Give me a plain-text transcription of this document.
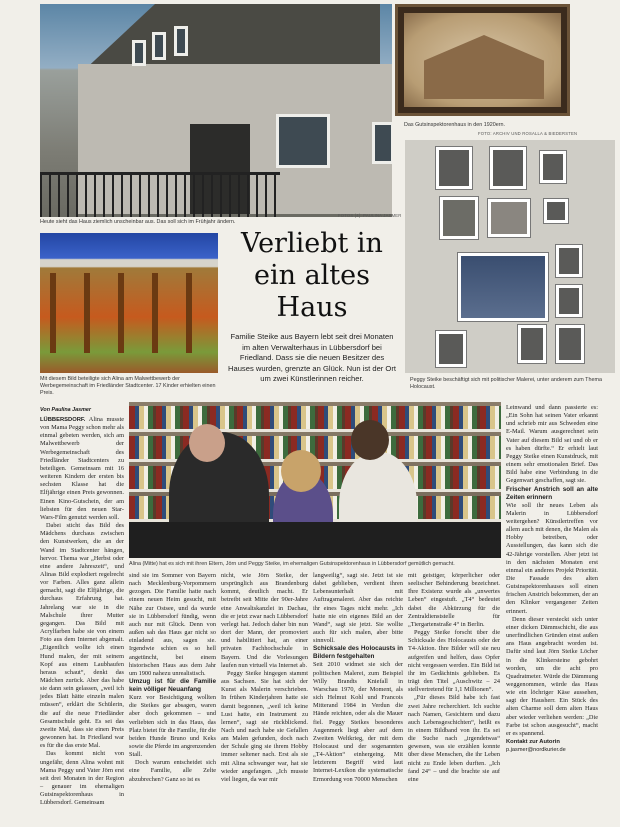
Heute sieht das Haus ziemlich unscheinbar aus. Das soll sich im Frühjahr ändern.
FOTOS (4): PAULINA JASMER
Das Gutsinspektorenhaus in den 1920ern.
FOTO: ARCHIV UND ROSALLA & BIEDERSTEN
Mit diesem Bild beteiligte sich Alina am Malwettbewerb der Werbegemeinschaft im Friedländer Stadtcenter. 17 Kinder erhielten einen Preis.
Verliebt in ein altes Haus
Familie Steike aus Bayern lebt seit drei Monaten im alten Verwalterhaus in Lübbersdorf bei Friedland. Dass sie die neuen Besitzer des Hauses wurden, grenzte an Glück. Nun ist der Ort um zwei Künstlerinnen reicher.	Peggy Steike beschäftigt sich mit politischer Malerei, unter anderem zum Thema Holocaust.
Von Paulina Jasmer

LÜBBERSDORF. Alina musste von Mama Peggy schon mehr als einmal gebeten werden, sich am Malwettbewerb der Werbegemeinschaft des Friedländer Stadtcenters zu beteiligen. Gemeinsam mit 16 weiteren Kindern der ersten bis sechsten Klasse hat die Elfjährige einen Preis gewonnen. Einen Kino-Gutschein, der am liebsten für den neuen Star-Wars-Film genutzt werden soll.

Dabei sticht das Bild des Mädchens durchaus zwischen den Kunstwerken, die an der Wand im Stadtcenter hängen, hervor. Thema war „Herbst oder eine andere Jahreszeit“, und Alinas Bild explodiert regelrecht vor Farben. Alles ganz allein gemacht, sagt die Elfjährige, die durchaus Erfahrung hat. Jahrelang war sie in die Malschule ihrer Mutter gegangen. Das Bild mit Acrylfarben habe sie von einem Foto aus dem Internet abgemalt. „Eigentlich wollte ich einen Hund malen, der mit seinem Kopf aus einem Laubhaufen heraus schaut“, denkt das Mädchen zurück. Aber das habe sie dann sein gelassen, „weil ich jedes Blatt hätte einzeln malen müssen“, erklärt die Schülerin, die auf die neue Friedländer Gesamtschule geht. Es sei das zweite Mal, dass sie einen Preis gewonnen hat. In Friedland war es für die das erste Mal.

Das kommt nicht von ungefähr, denn Alina wohnt mit Mama Peggy und Vater Jörn erst seit drei Monaten in der Region – genauer im ehemaligen Gutsinspektorenhaus in Lübbersdorf. Gemeinsam

Alina (Mitte) hat es sich mit ihren Eltern, Jörn und Peggy Steike, im ehemaligen Gutsinspektorenhaus in Lübbersdorf gemütlich gemacht.

sind sie im Sommer von Bayern nach Mecklenburg-Vorpommern gezogen. Die Familie hatte nach einem neuen Heim gesucht, mit Nähe zur Ostsee, und da wurde sie in Lübbersdorf fündig, wenn auch nur mit Glück. Denn von außen sah das Haus gar nicht so einladend aus, sagen sie. Irgendwie schien es so hell angetüncht, bei einem historischen Haus aus dem Jahr um 1900 nahezu unrealistisch.

Umzug ist für die Familie kein völliger Neuanfang

Kurz vor Besichtigung wollten die Steikes gar absagen, waren aber doch gekommen – und verliebten sich in das Haus, das Platz bietet für die Familie, für die beiden Hunde Bruno und Keks sowie die Pferde im angrenzenden Stall.

Doch warum entscheidet sich eine Familie, alle Zelte abzubrechen? Ganz so ist es

nicht, wie Jörn Steike, der ursprünglich aus Brandenburg kommt, deutlich macht. Er betreibt seit Mitte der 90er-Jahre eine Anwaltskanzlei in Dachau, die er jetzt zwar nach Lübbersdorf verlegt hat. Jedoch daher bin nun dort der Mann, der promoviert und habilitiert hat, an einer privaten Fachhochschule in Bayern. Und die Vorlesungen laufen nun virtuell via Internet ab.

Peggy Steike hingegen stammt aus Sachsen. Sie hat sich der Kunst als Malerin verschrieben. In frühen Kinderjahren hatte sie damit begonnen, „weil ich keine Lust hatte, ein Instrument zu lernen“, sagt sie rückblickend. Nach und nach habe sie Gefallen am Malen gefunden, doch nach der Schule ging sie ihrem Hobby immer seltener nach. Erst als sie mit Alina schwanger war, hat sie wieder angefangen. „Ich musste viel liegen, da war mir

langweilig“, sagt sie. Jetzt ist sie dabei geblieben, verdient ihren Lebensunterhalt mit Auftragsmalerei. Aber das reichte ihr eines Tages nicht mehr. „Ich hatte nie ein eigenes Bild an der Wand“, sagt sie jetzt. Sie wollte auch für sich malen, aber bitte sinnvoll.

Schicksale des Holocausts in Bildern festgehalten

Seit 2010 widmet sie sich der politischen Malerei, zum Beispiel Willy Brandts Kniefall in Warschau 1970, der Moment, als sich Helmut Kohl und Francois Mitterand 1984 in Verdun die Hände reichten, oder als die Mauer fiel. Peggy Steikes besonderes Augenmerk liegt aber auf dem Zweiten Weltkrieg, der mit dem Holocaust und der sogenannten „T4-Aktion“ einhergeing. Mit letzterem Begriff wird laut Internet-Lexikon die systematische Ermordung von 70000 Menschen

mit geistiger, körperlicher oder seelischer Behinderung bezeichnet. Ihre Existenz wurde als „unwertes Leben“ eingestuft. „T4“ bedeutet dabei die Abkürzung für die Zentraldienststelle für „Tiergartenstraße 4“ in Berlin.

Peggy Steike forscht über die Schicksale des Holocausts oder der T4-Aktion. Ihre Bilder will sie neu aufgreifen und helfen, dass Opfer nicht vergessen werden. Ein Bild ist ihr im Gedächtnis geblieben. Es trägt den Titel „Auschwitz – 24 stellvertretend für 1,1 Millionen“.

„Für dieses Bild habe ich fast zwei Jahre recherchiert. Ich suchte nach Namen, Gesichtern und dazu auch Lebensgeschichten“, heißt es in einem Bildband von ihr. Es sei die Suche nach „irgendetwas“ gewesen, was sie erzählen konnte über diese Menschen, die ihr Leben nicht zu Ende leben durften. „Ich fand 24“ – und die brachte sie auf eine

Leinwand und dann passierte es: „Ein Sohn hat seinen Vater erkannt und schrieb mir aus Schweden eine E-Mail. Warum ausgerechnet sein Vater auf diesem Bild sei und ob er es haben dürfte.“ Er erhielt laut Peggy Steike einen Kunstdruck, mit einem sehr emotionalen Brief. Das Bild habe eine Verbindung in die Gegenwart geschaffen, sagt sie.

Frischer Anstrich soll an alte Zeiten erinnern

Wie soll ihr neues Leben als Malerin in Lübbersdorf weitergehen? Künstlertreffen vor allem auch mit denen, die Malen als Hobby betreiben, oder Ausstellungen, das kann sich die 42-Jährige vorstellen. Aber jetzt ist in den nächsten Monaten erst einmal ein anderes Projekt Priorität. Die Fassade des alten Gutsinspektorenhauses soll einen frischen Anstrich bekommen, der an den Klinker vergangener Zeiten erinnert.

Denn dieser versteckt sich unter einer dicken Dämmschicht, die aus unerfindlichen Gründen einst außen ans Haus angebracht worden ist. Dafür sind laut Jörn Steike Löcher in die Klinkersteine gebohrt worden, um die acht pro Quadratmeter. Würde die Dämmung weggenommen, würde das Haus wie ein löchriger Käse aussehen, sagt der Hausherr. Ein Stück des alten Charme soll dem alten Haus aber wieder verliehen werden: „Die Farbe ist schon ausgesucht“, macht er es spannend.

Kontakt zur Autorin

p.jasmer@nordkurier.de
